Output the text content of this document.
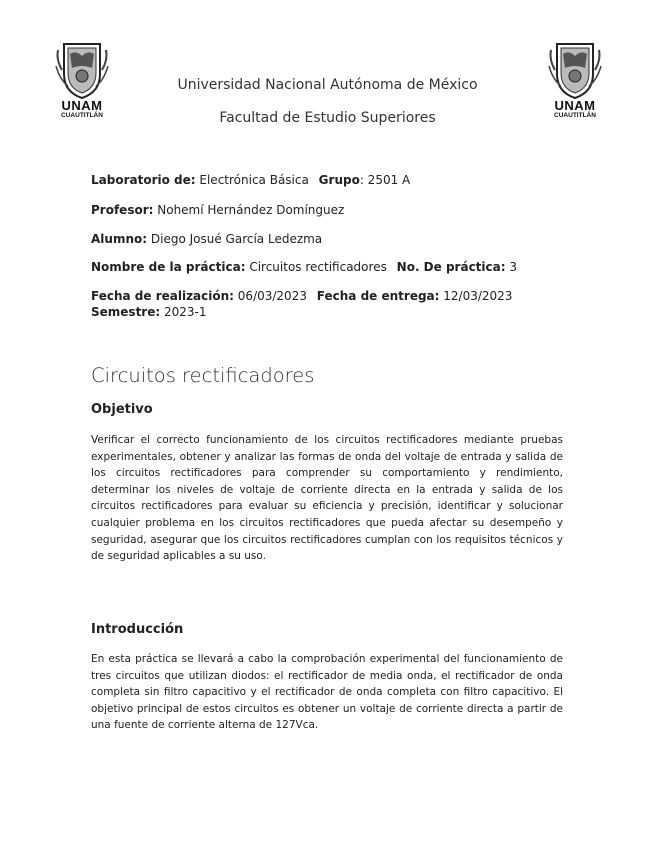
UNAM
CUAUTITLÁN
UNAM
CUAUTITLÁN
Universidad Nacional Autónoma de México
Facultad de Estudio Superiores
Laboratorio de: Electrónica Básica Grupo: 2501 A
Profesor: Nohemí Hernández Domínguez
Alumno: Diego Josué García Ledezma
Nombre de la práctica: Circuitos rectificadores No. De práctica: 3
Fecha de realización: 06/03/2023 Fecha de entrega: 12/03/2023 Semestre: 2023-1
Circuitos rectificadores
Objetivo
Verificar el correcto funcionamiento de los circuitos rectificadores mediante pruebas experimentales, obtener y analizar las formas de onda del voltaje de entrada y salida de los circuitos rectificadores para comprender su comportamiento y rendimiento, determinar los niveles de voltaje de corriente directa en la entrada y salida de los circuitos rectificadores para evaluar su eficiencia y precisión, identificar y solucionar cualquier problema en los circuitos rectificadores que pueda afectar su desempeño y seguridad, asegurar que los circuitos rectificadores cumplan con los requisitos técnicos y de seguridad aplicables a su uso.
Introducción
En esta práctica se llevará a cabo la comprobación experimental del funcionamiento de tres circuitos que utilizan diodos: el rectificador de media onda, el rectificador de onda completa sin filtro capacitivo y el rectificador de onda completa con filtro capacitivo. El objetivo principal de estos circuitos es obtener un voltaje de corriente directa a partir de una fuente de corriente alterna de 127Vca.
